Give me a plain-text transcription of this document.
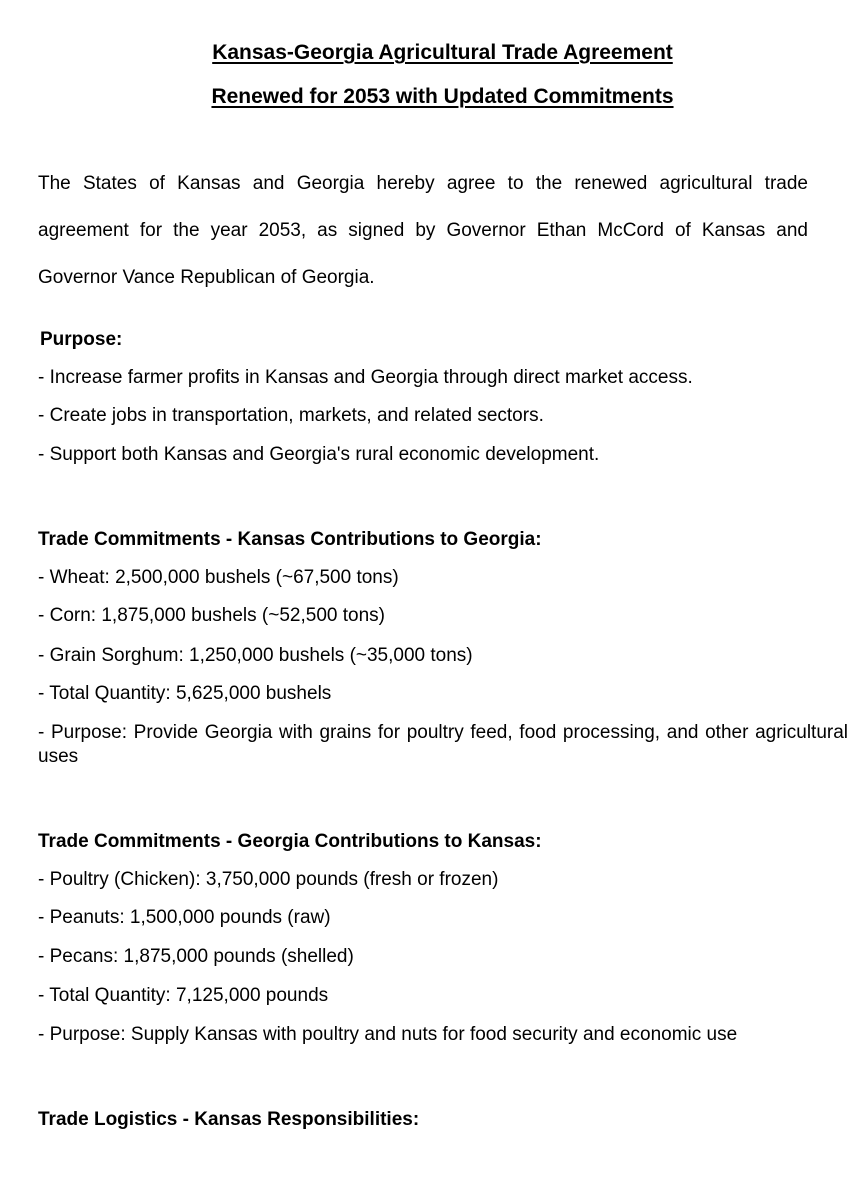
Kansas-Georgia Agricultural Trade Agreement
Renewed for 2053 with Updated Commitments
The States of Kansas and Georgia hereby agree to the renewed agricultural trade
agreement for the year 2053, as signed by Governor Ethan McCord of Kansas and
Governor Vance Republican of Georgia.
Purpose:
- Increase farmer profits in Kansas and Georgia through direct market access.
- Create jobs in transportation, markets, and related sectors.
- Support both Kansas and Georgia's rural economic development.
Trade Commitments - Kansas Contributions to Georgia:
- Wheat: 2,500,000 bushels (~67,500 tons)
- Corn: 1,875,000 bushels (~52,500 tons)
- Grain Sorghum: 1,250,000 bushels (~35,000 tons)
- Total Quantity: 5,625,000 bushels
- Purpose: Provide Georgia with grains for poultry feed, food processing, and other agricultural uses
Trade Commitments - Georgia Contributions to Kansas:
- Poultry (Chicken): 3,750,000 pounds (fresh or frozen)
- Peanuts: 1,500,000 pounds (raw)
- Pecans: 1,875,000 pounds (shelled)
- Total Quantity: 7,125,000 pounds
- Purpose: Supply Kansas with poultry and nuts for food security and economic use
Trade Logistics - Kansas Responsibilities:
